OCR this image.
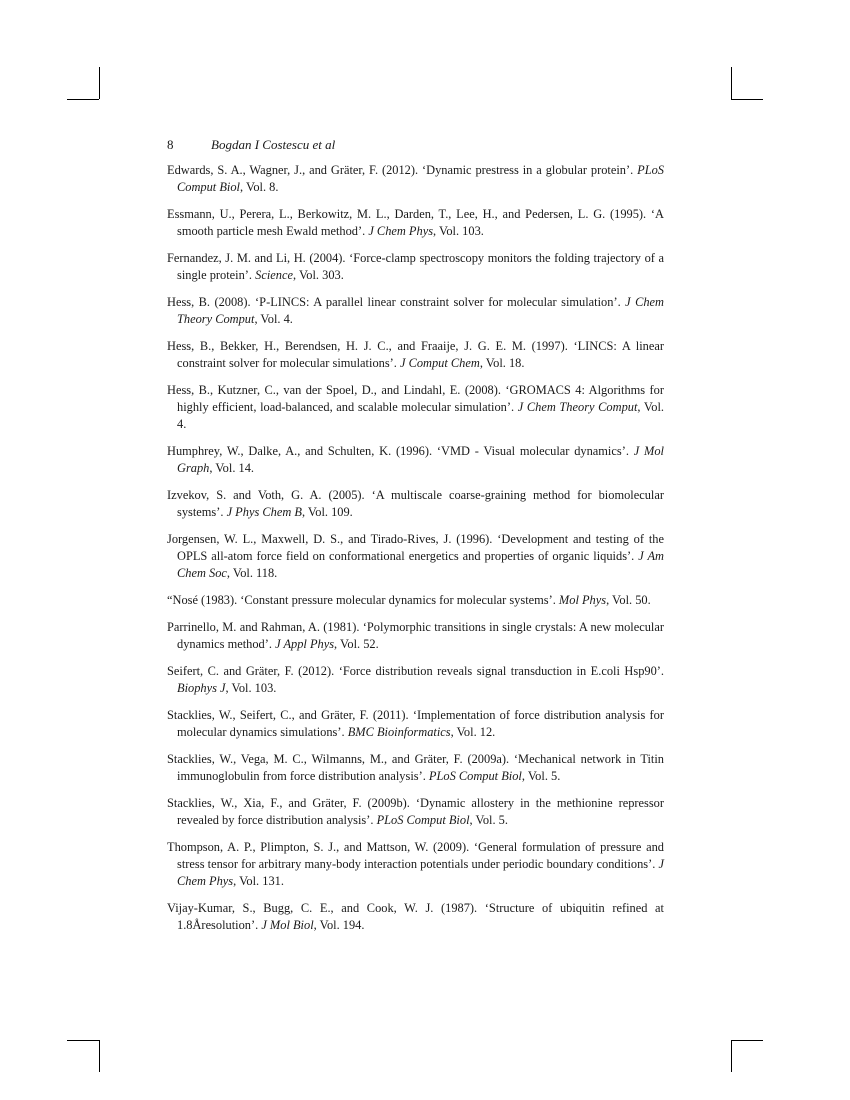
8	Bogdan I Costescu et al

Edwards, S. A., Wagner, J., and Gräter, F. (2012). ‘Dynamic prestress in a globular protein’. PLoS Comput Biol, Vol. 8.

Essmann, U., Perera, L., Berkowitz, M. L., Darden, T., Lee, H., and Pedersen, L. G. (1995). ‘A smooth particle mesh Ewald method’. J Chem Phys, Vol. 103.

Fernandez, J. M. and Li, H. (2004). ‘Force-clamp spectroscopy monitors the folding trajectory of a single protein’. Science, Vol. 303.

Hess, B. (2008). ‘P-LINCS: A parallel linear constraint solver for molecular simulation’. J Chem Theory Comput, Vol. 4.

Hess, B., Bekker, H., Berendsen, H. J. C., and Fraaije, J. G. E. M. (1997). ‘LINCS: A linear constraint solver for molecular simulations’. J Comput Chem, Vol. 18.

Hess, B., Kutzner, C., van der Spoel, D., and Lindahl, E. (2008). ‘GROMACS 4: Algorithms for highly efficient, load-balanced, and scalable molecular simulation’. J Chem Theory Comput, Vol. 4.

Humphrey, W., Dalke, A., and Schulten, K. (1996). ‘VMD - Visual molecular dynamics’. J Mol Graph, Vol. 14.

Izvekov, S. and Voth, G. A. (2005). ‘A multiscale coarse-graining method for biomolecular systems’. J Phys Chem B, Vol. 109.

Jorgensen, W. L., Maxwell, D. S., and Tirado-Rives, J. (1996). ‘Development and testing of the OPLS all-atom force field on conformational energetics and properties of organic liquids’. J Am Chem Soc, Vol. 118.

“Nosé (1983). ‘Constant pressure molecular dynamics for molecular systems’. Mol Phys, Vol. 50.

Parrinello, M. and Rahman, A. (1981). ‘Polymorphic transitions in single crystals: A new molecular dynamics method’. J Appl Phys, Vol. 52.

Seifert, C. and Gräter, F. (2012). ‘Force distribution reveals signal transduction in E.coli Hsp90’. Biophys J, Vol. 103.

Stacklies, W., Seifert, C., and Gräter, F. (2011). ‘Implementation of force distribution analysis for molecular dynamics simulations’. BMC Bioinformatics, Vol. 12.

Stacklies, W., Vega, M. C., Wilmanns, M., and Gräter, F. (2009a). ‘Mechanical network in Titin immunoglobulin from force distribution analysis’. PLoS Comput Biol, Vol. 5.

Stacklies, W., Xia, F., and Gräter, F. (2009b). ‘Dynamic allostery in the methionine repressor revealed by force distribution analysis’. PLoS Comput Biol, Vol. 5.

Thompson, A. P., Plimpton, S. J., and Mattson, W. (2009). ‘General formulation of pressure and stress tensor for arbitrary many-body interaction potentials under periodic boundary conditions’. J Chem Phys, Vol. 131.

Vijay-Kumar, S., Bugg, C. E., and Cook, W. J. (1987). ‘Structure of ubiquitin refined at 1.8Åresolution’. J Mol Biol, Vol. 194.
